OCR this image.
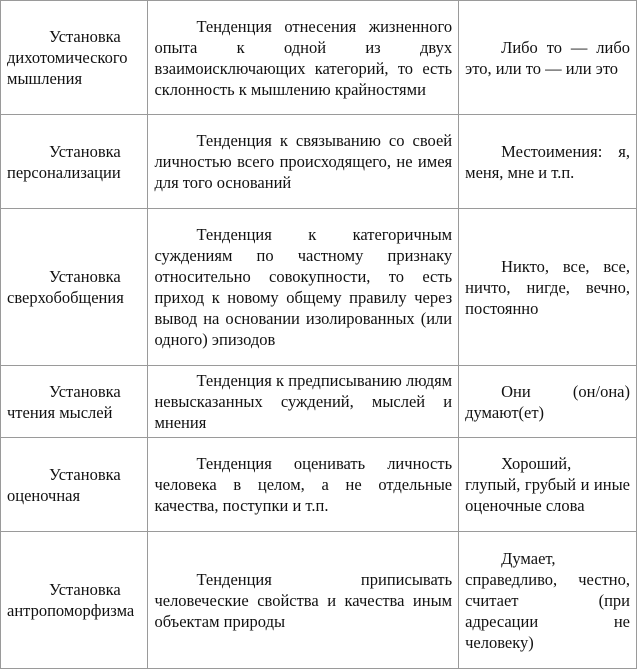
Установка дихотомического мышления	Тенденция отнесения жизненного опыта к одной из двух взаимоисключающих категорий, то есть склонность к мышлению крайностями	Либо то — либо это, или то — или это

Установка персонализации	Тенденция к связыванию со своей личностью всего происходящего, не имея для того оснований	Местоимения: я, меня, мне и т.п.

Установка сверхобобщения	Тенденция к категоричным суждениям по частному признаку относительно совокупности, то есть приход к новому общему правилу через вывод на основании изолированных (или одного) эпизодов	Никто, все, все, ничто, нигде, вечно, постоянно

Установка чтения мыслей	Тенденция к предписыванию людям невысказанных суждений, мыслей и мнения	Они (он/она) думают(ет)

Установка оценочная	Тенденция оценивать личность человека в целом, а не отдельные качества, поступки и т.п.	Хороший, глупый, грубый и иные оценочные слова

Установка антропоморфизма	Тенденция приписывать человеческие свойства и качества иным объектам природы	Думает, справедливо, честно, считает (при адресации не человеку)
